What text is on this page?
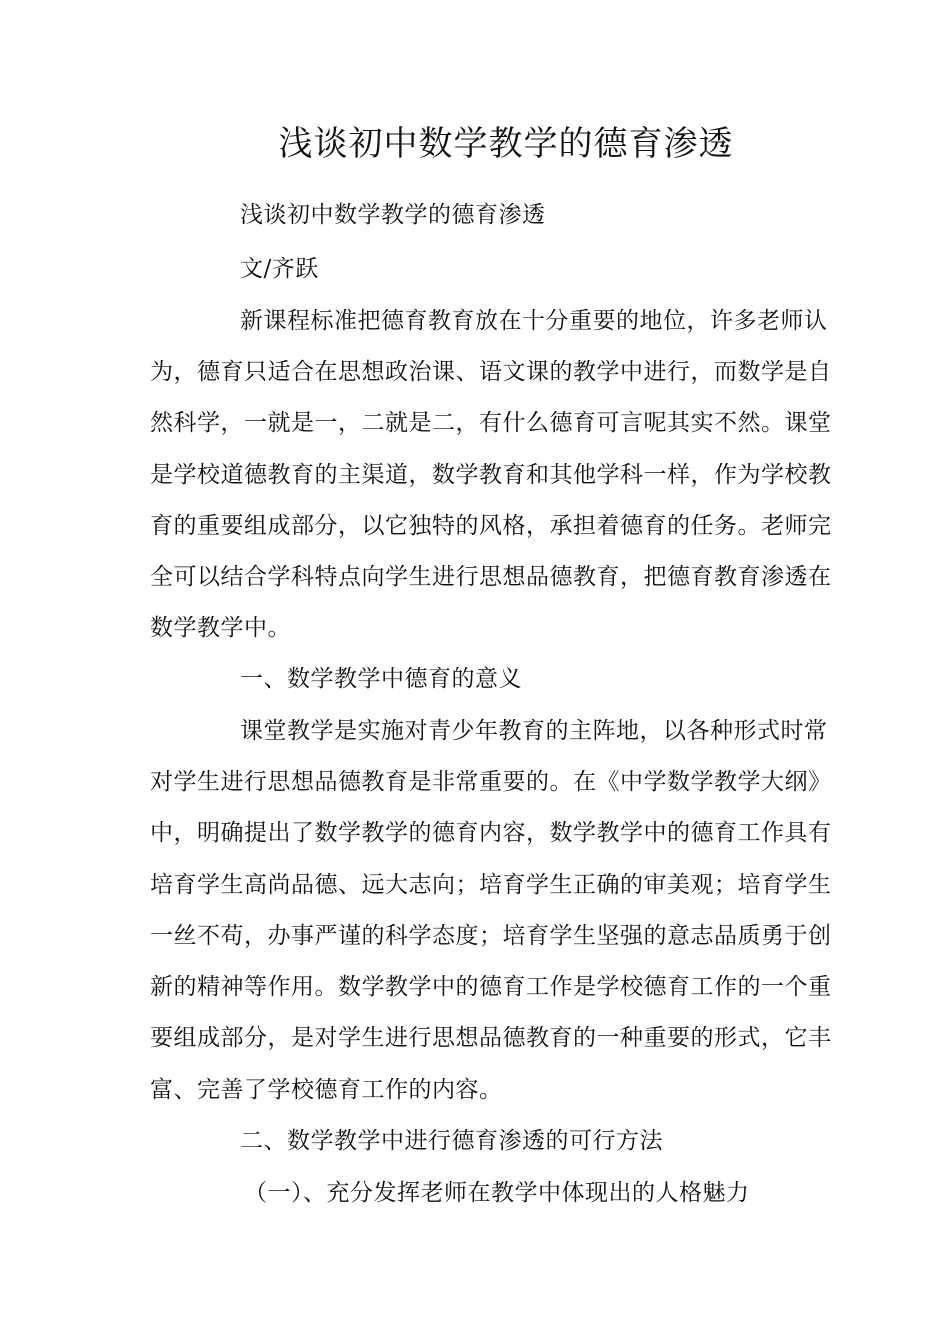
浅谈初中数学教学的德育渗透
浅谈初中数学教学的德育渗透
文/齐跃
新课程标准把德育教育放在十分重要的地位，许多老师认
为，德育只适合在思想政治课、语文课的教学中进行，而数学是自
然科学，一就是一，二就是二，有什么德育可言呢其实不然。课堂
是学校道德教育的主渠道，数学教育和其他学科一样，作为学校教
育的重要组成部分，以它独特的风格，承担着德育的任务。老师完
全可以结合学科特点向学生进行思想品德教育，把德育教育渗透在
数学教学中。
一、数学教学中德育的意义
课堂教学是实施对青少年教育的主阵地，以各种形式时常
对学生进行思想品德教育是非常重要的。在《中学数学教学大纲》
中，明确提出了数学教学的德育内容，数学教学中的德育工作具有
培育学生高尚品德、远大志向；培育学生正确的审美观；培育学生
一丝不苟，办事严谨的科学态度；培育学生坚强的意志品质勇于创
新的精神等作用。数学教学中的德育工作是学校德育工作的一个重
要组成部分，是对学生进行思想品德教育的一种重要的形式，它丰
富、完善了学校德育工作的内容。
二、数学教学中进行德育渗透的可行方法
（一）、充分发挥老师在教学中体现出的人格魅力
